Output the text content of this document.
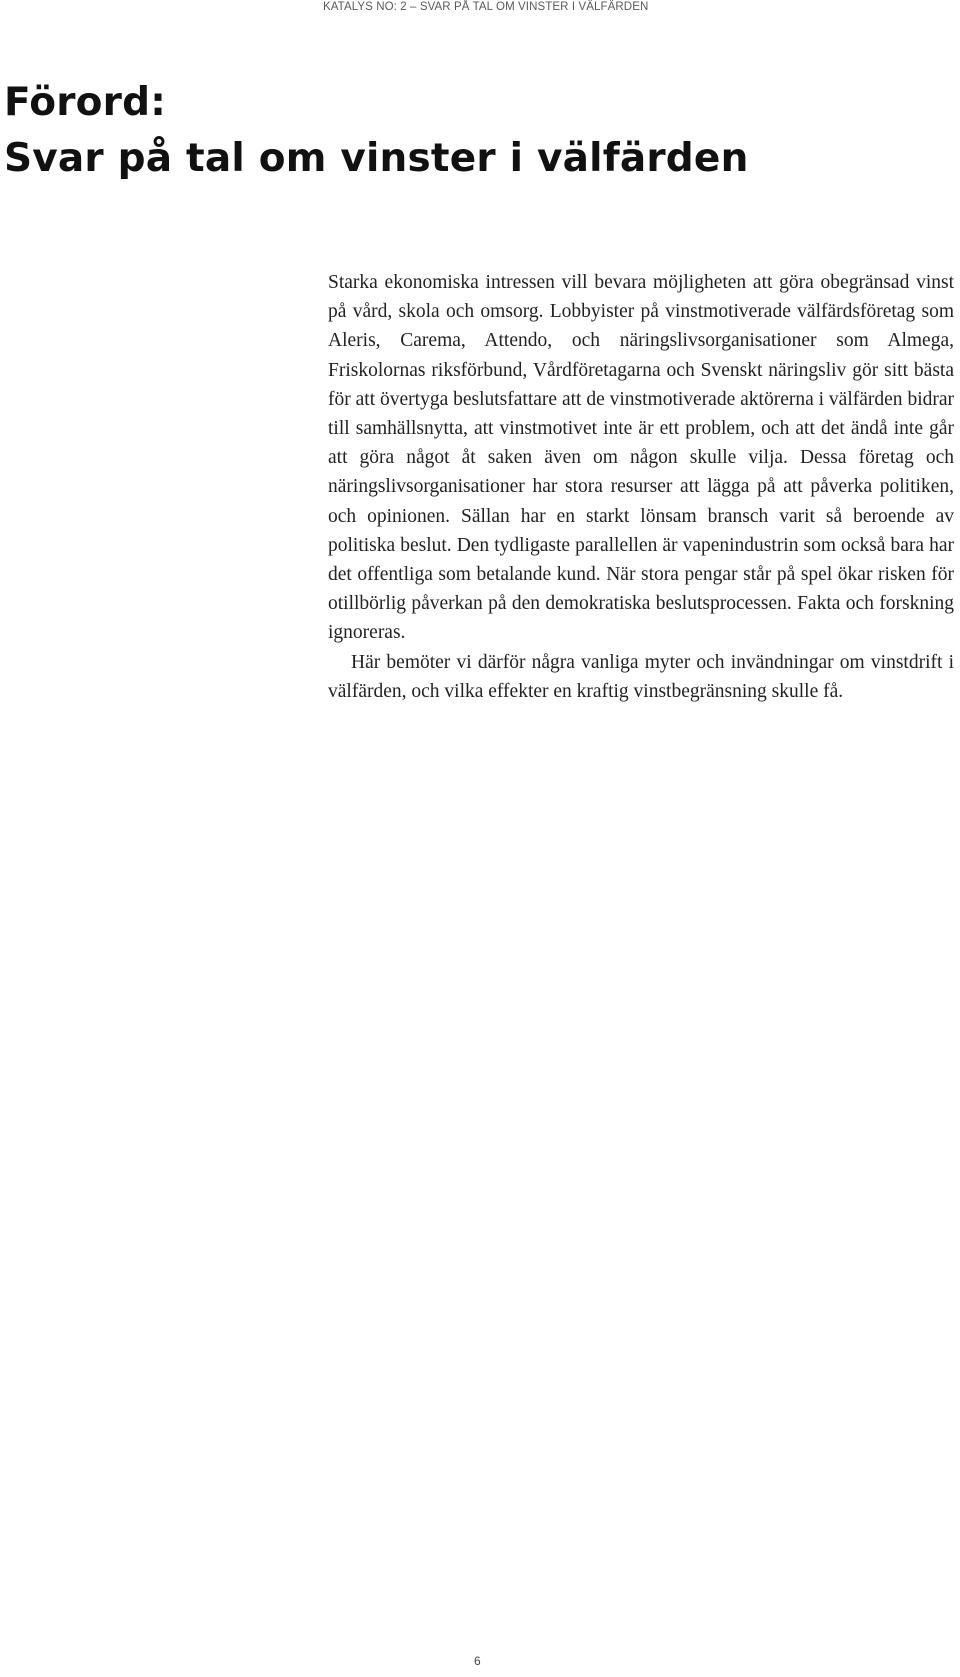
KATALYS NO: 2 – SVAR PÅ TAL OM VINSTER I VÄLFÄRDEN
Förord:
Svar på tal om vinster i välfärden

Starka ekonomiska intressen vill bevara möjligheten att göra obegränsad vinst på vård, skola och omsorg. Lobbyister på vinstmotiverade välfärdsföretag som Aleris, Carema, Attendo, och näringslivsorganisationer som Almega, Friskolornas riksförbund, Vårdföretagarna och Svenskt näringsliv gör sitt bästa för att övertyga beslutsfattare att de vinstmotiverade aktörerna i välfärden bidrar till samhällsnytta, att vinstmotivet inte är ett problem, och att det ändå inte går att göra något åt saken även om någon skulle vilja. Dessa företag och näringslivsorganisationer har stora resurser att lägga på att påverka politiken, och opinionen. Sällan har en starkt lönsam bransch varit så beroende av politiska beslut. Den tydligaste parallellen är vapenindustrin som också bara har det offentliga som betalande kund. När stora pengar står på spel ökar risken för otillbörlig påverkan på den demokratiska beslutsprocessen. Fakta och forskning ignoreras.

Här bemöter vi därför några vanliga myter och invändningar om vinstdrift i välfärden, och vilka effekter en kraftig vinstbegränsning skulle få.

6
